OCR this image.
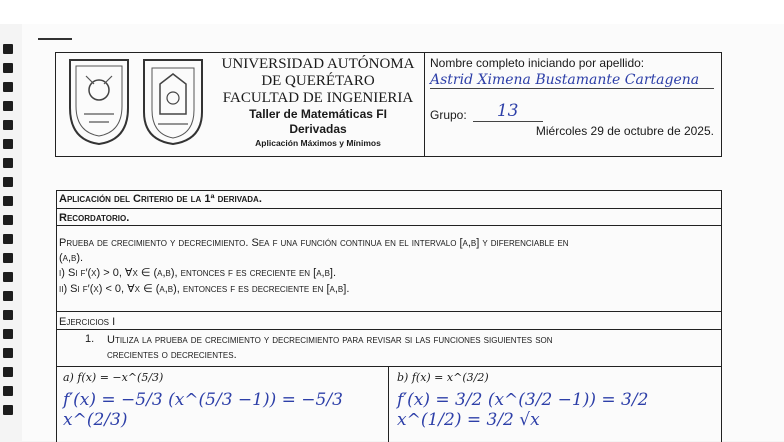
UNIVERSIDAD AUTÓNOMA
DE QUERÉTARO
FACULTAD DE INGENIERIA
Taller de Matemáticas FI
Derivadas
Aplicación Máximos y Mínimos
Nombre completo iniciando por apellido:
Astrid Ximena Bustamante Cartagena
Grupo:	13
Miércoles 29 de octubre de 2025.
Aplicación del Criterio de la 1ª derivada.
Recordatorio.
Prueba de crecimiento y decrecimiento. Sea f una función continua en el intervalo [a,b] y diferenciable en
(a,b).
i) Si f′(x) > 0, ∀x ∈ (a,b), entonces f es creciente en [a,b].
ii) Si f′(x) < 0, ∀x ∈ (a,b), entonces f es decreciente en [a,b].
Ejercicios I
1. Utiliza la prueba de crecimiento y decrecimiento para revisar si las funciones siguientes son
crecientes o decrecientes.
a) f(x) = −x^(5/3)
f′(x) = −5/3 (x^(5/3 −1)) = −5/3 x^(2/3)
b) f(x) = x^(3/2)
f′(x) = 3/2 (x^(3/2 −1)) = 3/2 x^(1/2) = 3/2 √x
